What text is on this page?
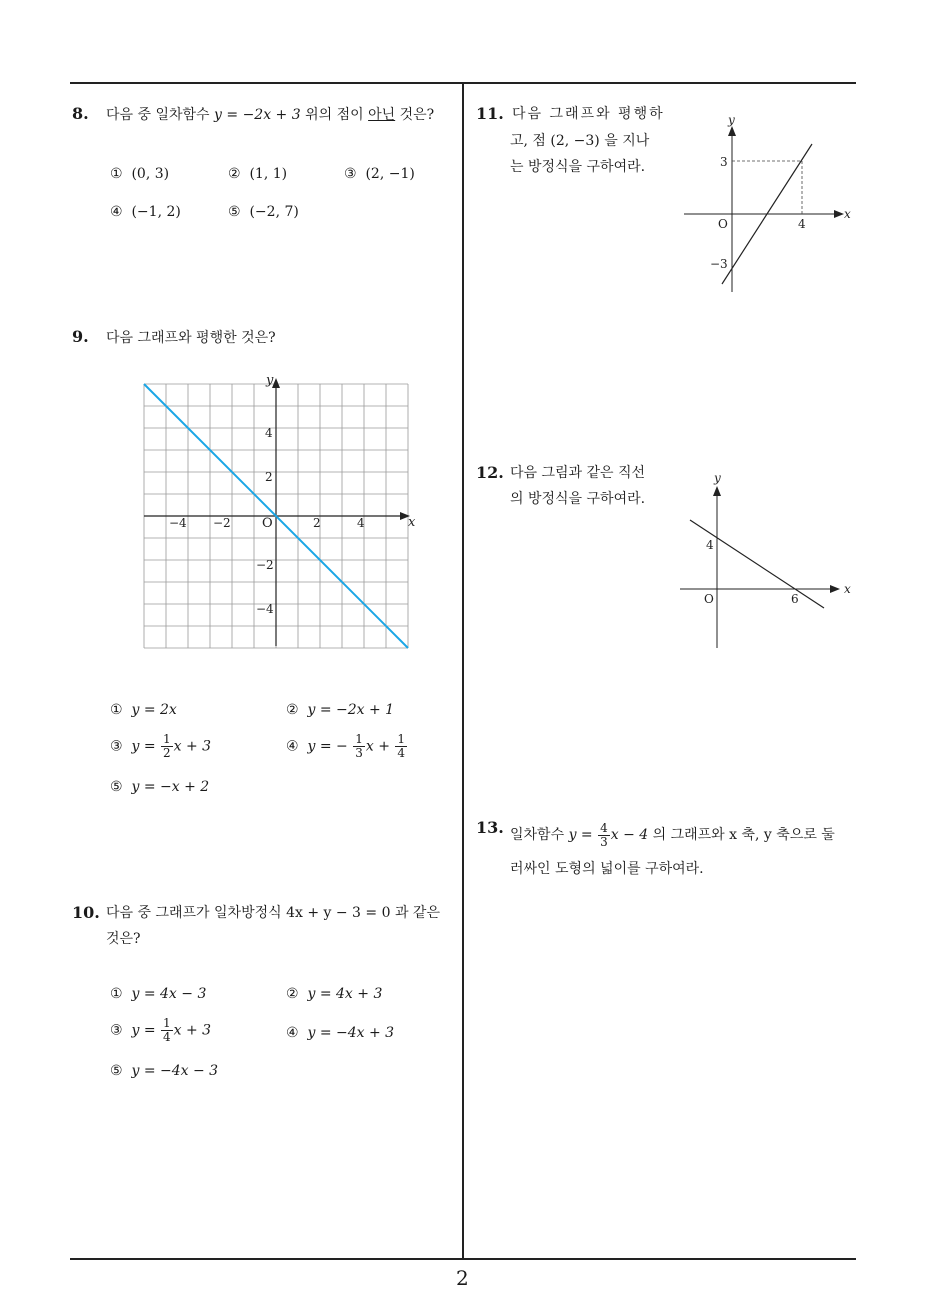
2
8. 다음 중 일차함수 y = −2x + 3 위의 점이 아닌 것은?
① (0, 3)	② (1, 1)	③ (2, −1)
④ (−1, 2)	⑤ (−2, 7)
9. 다음 그래프와 평행한 것은?
x
y
O
−4 −2	2	4
4
2
−2
−4
① y = 2x	② y = −2x + 1
③ $y = \frac{1}{2}$ x + 3	④ y = − $\frac{1}{3}$ $x + \frac{1}{4}$
⑤ y = −x + 2
10. 다음 중 그래프가 일차방정식 4x + y − 3 = 0 과 같은
것은?
① y = 4x − 3	② y = 4x + 3
③ $y = \frac{1}{4}$ x + 3	④ y = −4x + 3
⑤ y = −4x − 3
11. 다음 그래프와 평행하
고, 점 (2, −3) 을 지나
는 방정식을 구하여라.
x
y
O	4
3
−3
12. 다음 그림과 같은 직선
의 방정식을 구하여라.
x
y
O	6
4
13. 일차함수 $y = \frac{4}{3}$ x − 4 의 그래프와 x 축, y 축으로 둘
러싸인 도형의 넓이를 구하여라.
